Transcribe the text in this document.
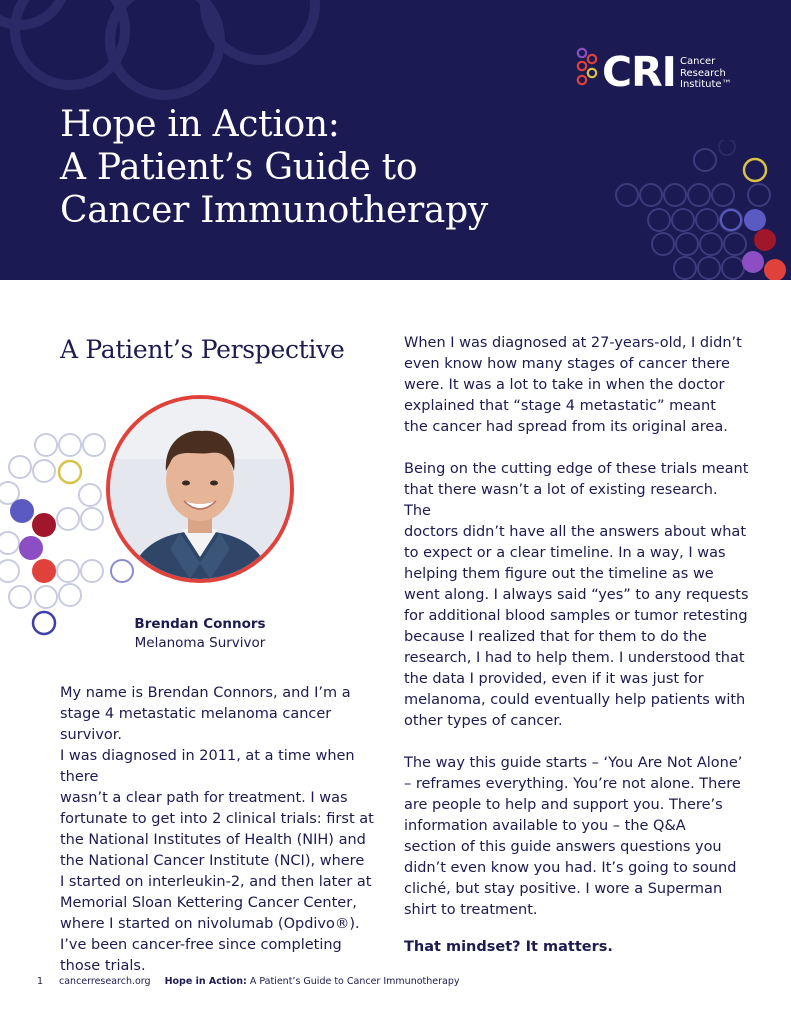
Hope in Action:
A Patient’s Guide to
Cancer Immunotherapy
CRI Cancer
Research
Institute™
A Patient’s Perspective
Brendan Connors
Melanoma Survivor

My name is Brendan Connors, and I’m a
stage 4 metastatic melanoma cancer survivor.
I was diagnosed in 2011, at a time when there
wasn’t a clear path for treatment. I was
fortunate to get into 2 clinical trials: first at
the National Institutes of Health (NIH) and
the National Cancer Institute (NCI), where
I started on interleukin-2, and then later at
Memorial Sloan Kettering Cancer Center,
where I started on nivolumab (Opdivo®).
I’ve been cancer-free since completing
those trials.

When I was diagnosed at 27-years-old, I didn’t
even know how many stages of cancer there
were. It was a lot to take in when the doctor
explained that “stage 4 metastatic” meant
the cancer had spread from its original area.

Being on the cutting edge of these trials meant
that there wasn’t a lot of existing research. The
doctors didn’t have all the answers about what
to expect or a clear timeline. In a way, I was
helping them figure out the timeline as we
went along. I always said “yes” to any requests
for additional blood samples or tumor retesting
because I realized that for them to do the
research, I had to help them. I understood that
the data I provided, even if it was just for
melanoma, could eventually help patients with
other types of cancer.

The way this guide starts – ‘You Are Not Alone’
– reframes everything. You’re not alone. There
are people to help and support you. There’s
information available to you – the Q&A
section of this guide answers questions you
didn’t even know you had. It’s going to sound
cliché, but stay positive. I wore a Superman
shirt to treatment.

That mindset? It matters.

1 cancerresearch.org Hope in Action: A Patient’s Guide to Cancer Immunotherapy
